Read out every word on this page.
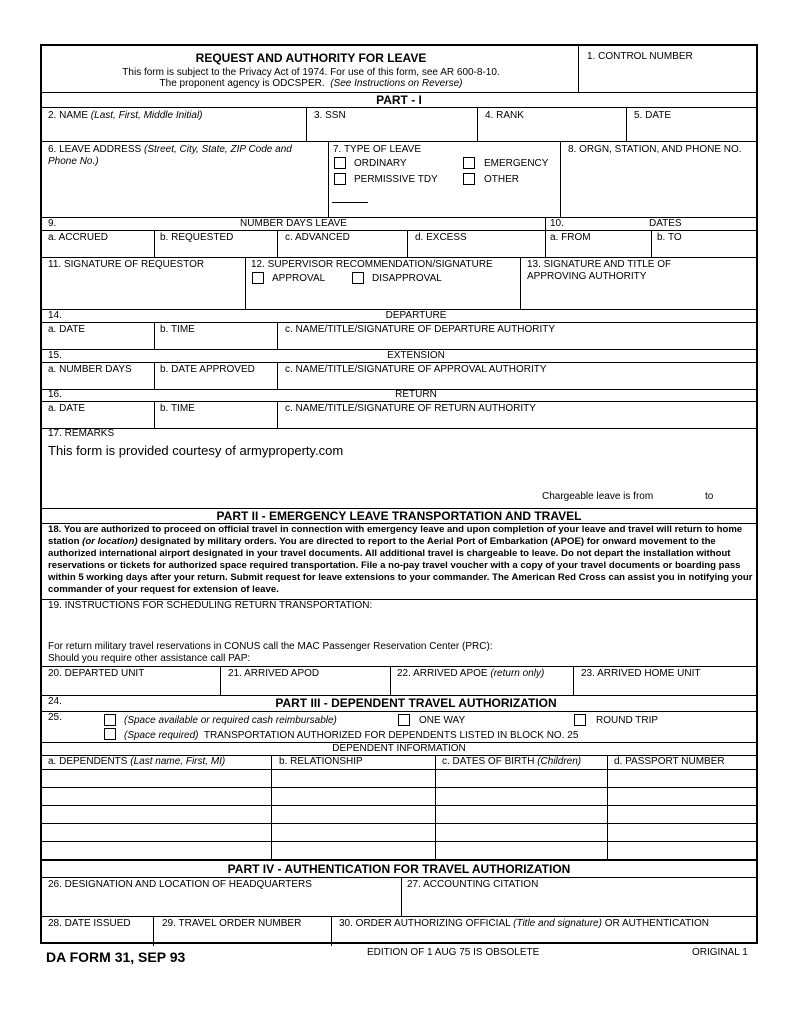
REQUEST AND AUTHORITY FOR LEAVE
This form is subject to the Privacy Act of 1974. For use of this form, see AR 600-8-10.
The proponent agency is ODCSPER. (See Instructions on Reverse)
1. CONTROL NUMBER
PART - I
2. NAME (Last, First, Middle Initial)	3. SSN	4. RANK	5. DATE
6. LEAVE ADDRESS (Street, City, State, ZIP Code and
Phone No.)
7. TYPE OF LEAVE
ORDINARY	EMERGENCY
PERMISSIVE TDY	OTHER
8. ORGN, STATION, AND PHONE NO.
9.	NUMBER DAYS LEAVE	10.	DATES
a. ACCRUED	b. REQUESTED	c. ADVANCED	d. EXCESS	a. FROM	b. TO
11. SIGNATURE OF REQUESTOR	12. SUPERVISOR RECOMMENDATION/SIGNATURE
APPROVAL	DISAPPROVAL
13. SIGNATURE AND TITLE OF
APPROVING AUTHORITY
14.	DEPARTURE
a. DATE	b. TIME	c. NAME/TITLE/SIGNATURE OF DEPARTURE AUTHORITY
15.	EXTENSION
a. NUMBER DAYS	b. DATE APPROVED	c. NAME/TITLE/SIGNATURE OF APPROVAL AUTHORITY
16.	RETURN
a. DATE	b. TIME	c. NAME/TITLE/SIGNATURE OF RETURN AUTHORITY
17. REMARKS
This form is provided courtesy of armyproperty.com
Chargeable leave is from	to
PART II - EMERGENCY LEAVE TRANSPORTATION AND TRAVEL
18. You are authorized to proceed on official travel in connection with emergency leave and upon completion of your leave and travel will return to home station (or location) designated by military orders. You are directed to report to the Aerial Port of Embarkation (APOE) for onward movement to the authorized international airport designated in your travel documents. All additional travel is chargeable to leave. Do not depart the installation without reservations or tickets for authorized space required transportation. File a no-pay travel voucher with a copy of your travel documents or boarding pass within 5 working days after your return. Submit request for leave extensions to your commander. The American Red Cross can assist you in notifying your commander of your request for extension of leave.
19. INSTRUCTIONS FOR SCHEDULING RETURN TRANSPORTATION:
For return military travel reservations in CONUS call the MAC Passenger Reservation Center (PRC):
Should you require other assistance call PAP:
20. DEPARTED UNIT	21. ARRIVED APOD	22. ARRIVED APOE (return only)	23. ARRIVED HOME UNIT
24.	PART III - DEPENDENT TRAVEL AUTHORIZATION
25.	(Space available or required cash reimbursable)	ONE WAY	ROUND TRIP
(Space required) TRANSPORTATION AUTHORIZED FOR DEPENDENTS LISTED IN BLOCK NO. 25
DEPENDENT INFORMATION
a. DEPENDENTS (Last name, First, MI)	b. RELATIONSHIP	c. DATES OF BIRTH (Children)	d. PASSPORT NUMBER
PART IV - AUTHENTICATION FOR TRAVEL AUTHORIZATION
26. DESIGNATION AND LOCATION OF HEADQUARTERS	27. ACCOUNTING CITATION
28. DATE ISSUED	29. TRAVEL ORDER NUMBER	30. ORDER AUTHORIZING OFFICIAL (Title and signature) OR AUTHENTICATION
DA FORM 31, SEP 93	EDITION OF 1 AUG 75 IS OBSOLETE	ORIGINAL 1
